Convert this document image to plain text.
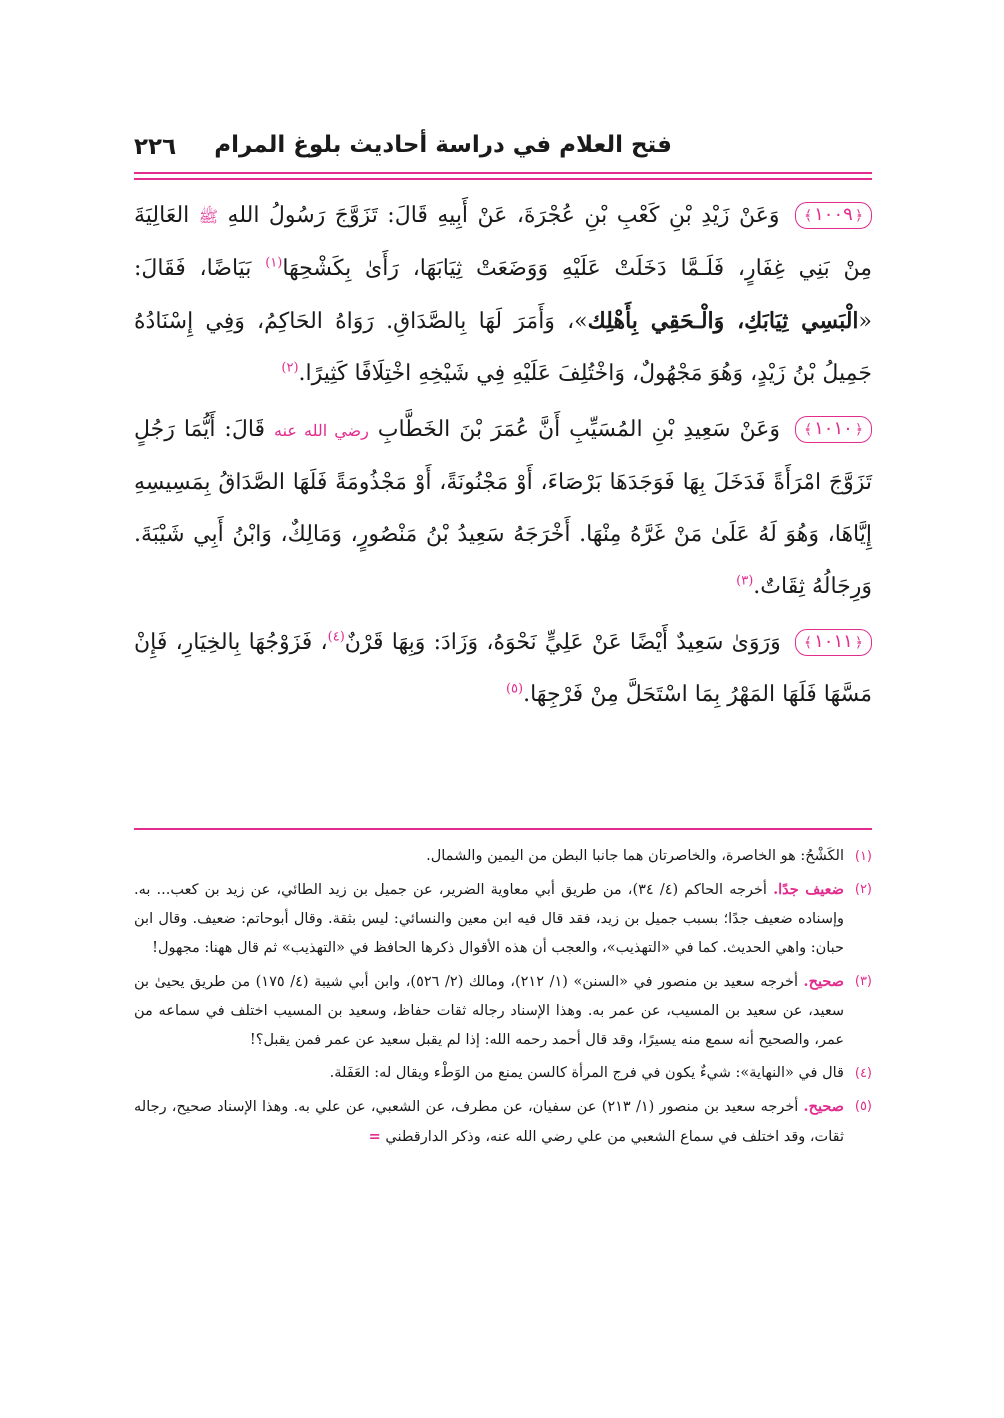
فتح العلام في دراسة أحاديث بلوغ المرام
٢٢٦

﴿ ١٠٠٩ ﴾ وَعَنْ زَيْدِ بْنِ كَعْبِ بْنِ عُجْرَةَ، عَنْ أَبِيهِ قَالَ: تَزَوَّجَ رَسُولُ اللهِ ﷺ العَالِيَةَ مِنْ بَنِي غِفَارٍ، فَلَـمَّا دَخَلَتْ عَلَيْهِ وَوَضَعَتْ ثِيَابَهَا، رَأَىٰ بِكَشْحِهَا$^{(١)}$ بَيَاضًا، فَقَالَ: «الْبَسِي ثِيَابَكِ، وَالْـحَقِي بِأَهْلِك»، وَأَمَرَ لَهَا بِالصَّدَاقِ. رَوَاهُ الحَاكِمُ، وَفِي إِسْنَادُهُ جَمِيلُ بْنُ زَيْدٍ، وَهُوَ مَجْهُولٌ، وَاخْتُلِفَ عَلَيْهِ فِي شَيْخِهِ اخْتِلَافًا كَثِيرًا.$^{(٢)}$

﴿ ١٠١٠ ﴾ وَعَنْ سَعِيدِ بْنِ المُسَيِّبِ أَنَّ عُمَرَ بْنَ الخَطَّابِ رضي الله عنه قَالَ: أَيُّمَا رَجُلٍ تَزَوَّجَ امْرَأَةً فَدَخَلَ بِهَا فَوَجَدَهَا بَرْصَاءَ، أَوْ مَجْنُونَةً، أَوْ مَجْذُومَةً فَلَهَا الصَّدَاقُ بِمَسِيسِهِ إِيَّاهَا، وَهُوَ لَهُ عَلَىٰ مَنْ غَرَّهُ مِنْهَا. أَخْرَجَهُ سَعِيدُ بْنُ مَنْصُورٍ، وَمَالِكٌ، وَابْنُ أَبِي شَيْبَةَ. وَرِجَالُهُ ثِقَاتٌ.$^{(٣)}$

﴿ ١٠١١ ﴾ وَرَوَىٰ سَعِيدٌ أَيْضًا عَنْ عَلِيٍّ نَحْوَهُ، وَزَادَ: وَبِهَا قَرْنٌ$^{(٤)}$، فَزَوْجُهَا بِالخِيَارِ، فَإِنْ مَسَّهَا فَلَهَا المَهْرُ بِمَا اسْتَحَلَّ مِنْ فَرْجِهَا.$^{(٥)}$

(١)
الكَشْحُ: هو الخاصرة، والخاصرتان هما جانبا البطن من اليمين والشمال.
(٢)
ضعيف جدًا. أخرجه الحاكم (٤/ ٣٤)، من طريق أبي معاوية الضرير، عن جميل بن زيد الطائي، عن زيد بن كعب... به. وإسناده ضعيف جدًا؛ بسبب جميل بن زيد، فقد قال فيه ابن معين والنسائي: ليس بثقة. وقال أبوحاتم: ضعيف. وقال ابن حبان: واهي الحديث. كما في «التهذيب»، والعجب أن هذه الأقوال ذكرها الحافظ في «التهذيب» ثم قال ههنا: مجهول!
(٣)
صحيح. أخرجه سعيد بن منصور في «السنن» (١/ ٢١٢)، ومالك (٢/ ٥٢٦)، وابن أبي شيبة (٤/ ١٧٥) من طريق يحيىٰ بن سعيد، عن سعيد بن المسيب، عن عمر به. وهذا الإسناد رجاله ثقات حفاظ، وسعيد بن المسيب اختلف في سماعه من عمر، والصحيح أنه سمع منه يسيرًا، وقد قال أحمد رحمه الله: إذا لم يقبل سعيد عن عمر فمن يقبل؟!
(٤)
قال في «النهاية»: شيءٌ يكون في فرج المرأة كالسن يمنع من الوَطْء ويقال له: العَفَلة.
(٥)
صحيح. أخرجه سعيد بن منصور (١/ ٢١٣) عن سفيان، عن مطرف، عن الشعبي، عن علي به. وهذا الإسناد صحيح، رجاله ثقات، وقد اختلف في سماع الشعبي من علي رضي الله عنه، وذكر الدارقطني =
